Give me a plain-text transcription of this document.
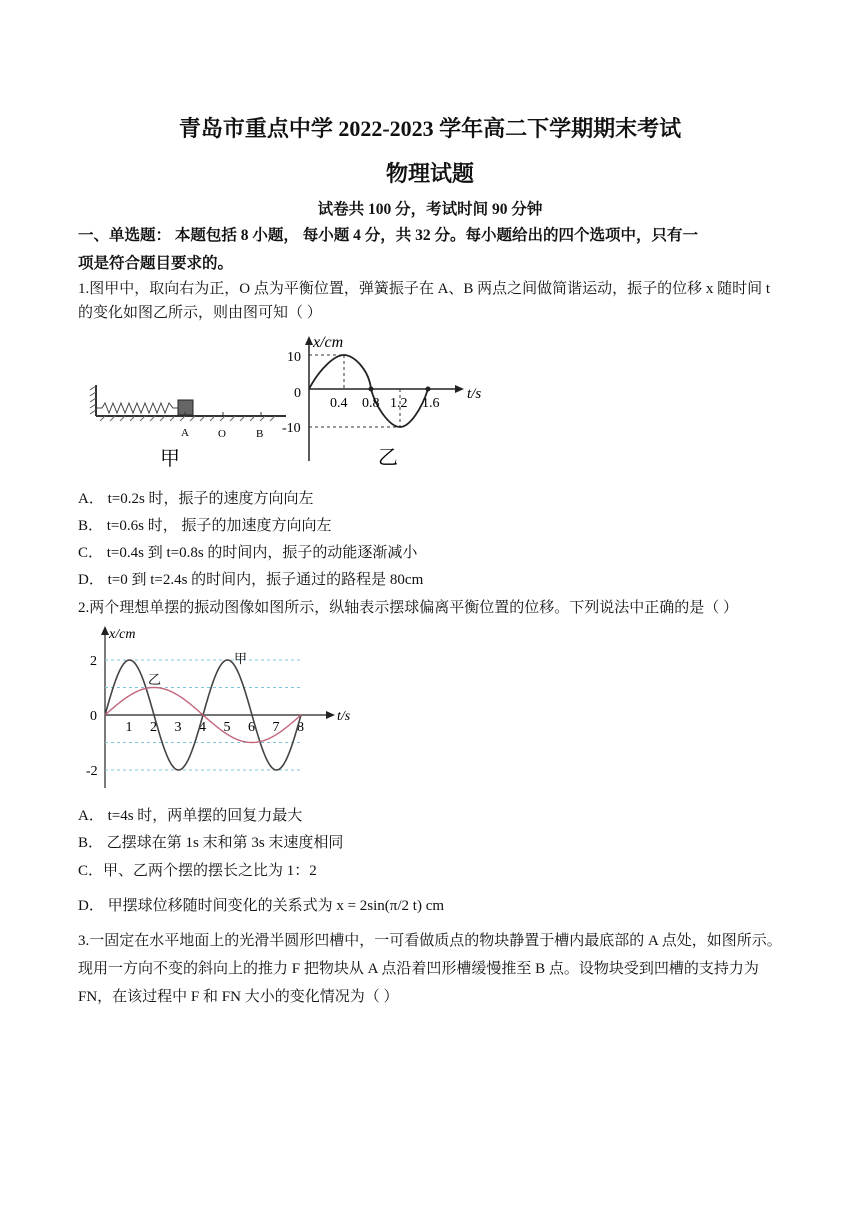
青岛市重点中学 2022-2023 学年高二下学期期末考试
物理试题
试卷共 100 分，考试时间 90 分钟
一、单选题： 本题包括 8 小题， 每小题 4 分，共 32 分。每小题给出的四个选项中，只有一
项是符合题目要求的。
1.图甲中，取向右为正，O 点为平衡位置，弹簧振子在 A、B 两点之间做简谐运动，振子的位移 x 随时间 t
的变化如图乙所示，则由图可知（ ）
A	O	B
甲
x/cm
t/s
10
0
-10
0.4 0.8 1.2 1.6
乙
A． t=0.2s 时，振子的速度方向向左
B． t=0.6s 时， 振子的加速度方向向左
C． t=0.4s 到 t=0.8s 的时间内，振子的动能逐渐减小
D． t=0 到 t=2.4s 的时间内，振子通过的路程是 80cm
2.两个理想单摆的振动图像如图所示，纵轴表示摆球偏离平衡位置的位移。下列说法中正确的是（ ）
x/cm
t/s
2
0
-2
1 2 3 4 5 6 7 8
甲
乙
A． t=4s 时，两单摆的回复力最大
B． 乙摆球在第 1s 末和第 3s 末速度相同
C．甲、乙两个摆的摆长之比为 1：2
D． 甲摆球位移随时间变化的关系式为 x = 2sin(π/2 t) cm
3.一固定在水平地面上的光滑半圆形凹槽中，一可看做质点的物块静置于槽内最底部的 A 点处，如图所示。
现用一方向不变的斜向上的推力 F 把物块从 A 点沿着凹形槽缓慢推至 B 点。设物块受到凹槽的支持力为
FN，在该过程中 F 和 FN 大小的变化情况为（ ）
